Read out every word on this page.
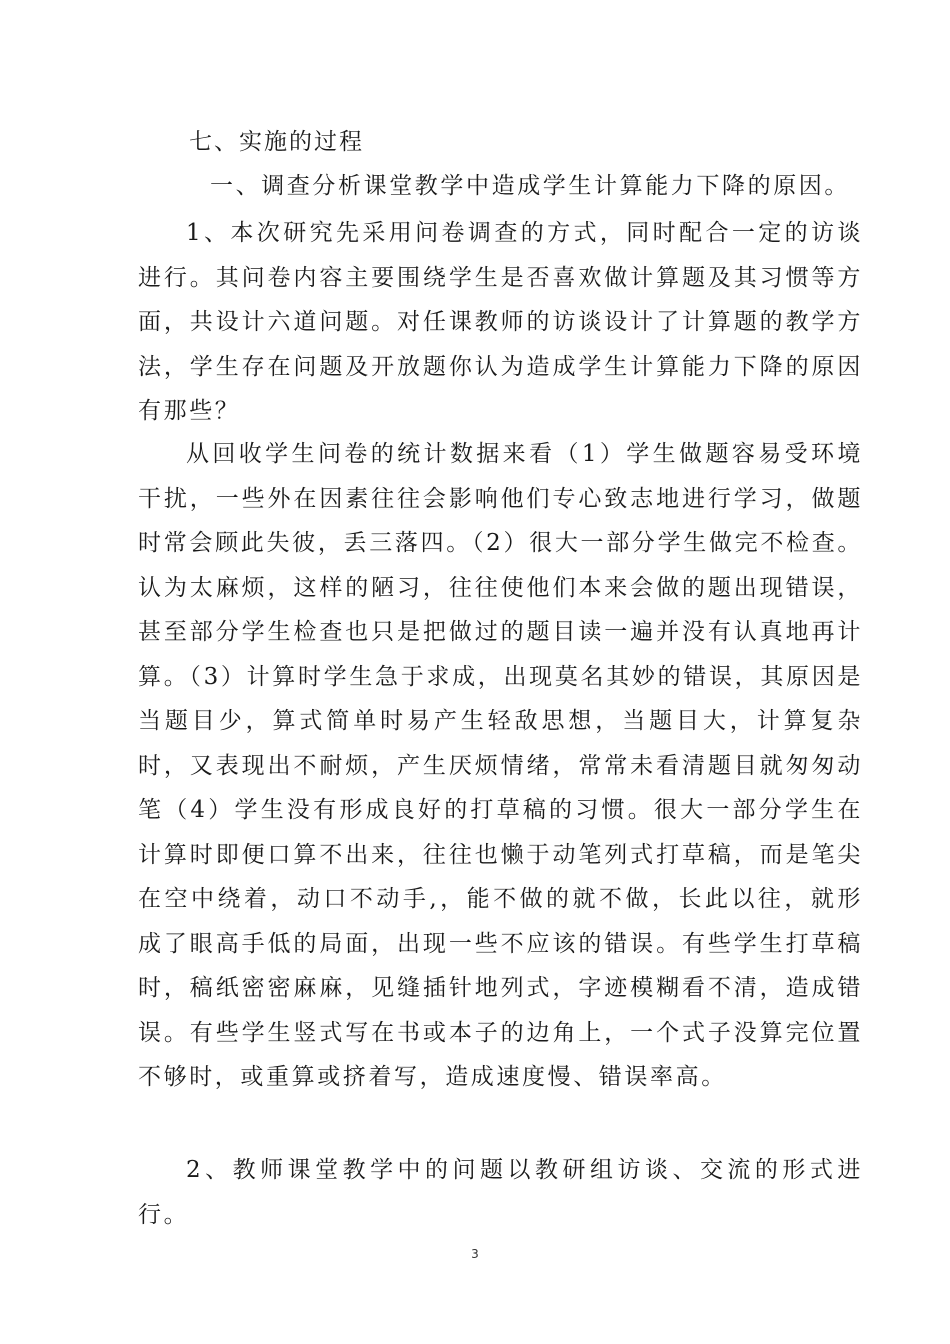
七、实施的过程

一、调查分析课堂教学中造成学生计算能力下降的原因。

1、本次研究先采用问卷调查的方式，同时配合一定的访谈进行。其问卷内容主要围绕学生是否喜欢做计算题及其习惯等方面，共设计六道问题。对任课教师的访谈设计了计算题的教学方法，学生存在问题及开放题你认为造成学生计算能力下降的原因有那些？

从回收学生问卷的统计数据来看（1）学生做题容易受环境干扰，一些外在因素往往会影响他们专心致志地进行学习，做题时常会顾此失彼，丢三落四。（2）很大一部分学生做完不检查。认为太麻烦，这样的陋习，往往使他们本来会做的题出现错误，甚至部分学生检查也只是把做过的题目读一遍并没有认真地再计算。（3）计算时学生急于求成，出现莫名其妙的错误，其原因是当题目少，算式简单时易产生轻敌思想，当题目大，计算复杂时，又表现出不耐烦，产生厌烦情绪，常常未看清题目就匆匆动笔（4）学生没有形成良好的打草稿的习惯。很大一部分学生在计算时即便口算不出来，往往也懒于动笔列式打草稿，而是笔尖在空中绕着，动口不动手,，能不做的就不做，长此以往，就形成了眼高手低的局面，出现一些不应该的错误。有些学生打草稿时，稿纸密密麻麻，见缝插针地列式，字迹模糊看不清，造成错误。有些学生竖式写在书或本子的边角上，一个式子没算完位置不够时，或重算或挤着写，造成速度慢、错误率高。

2、教师课堂教学中的问题以教研组访谈、交流的形式进行。

3
